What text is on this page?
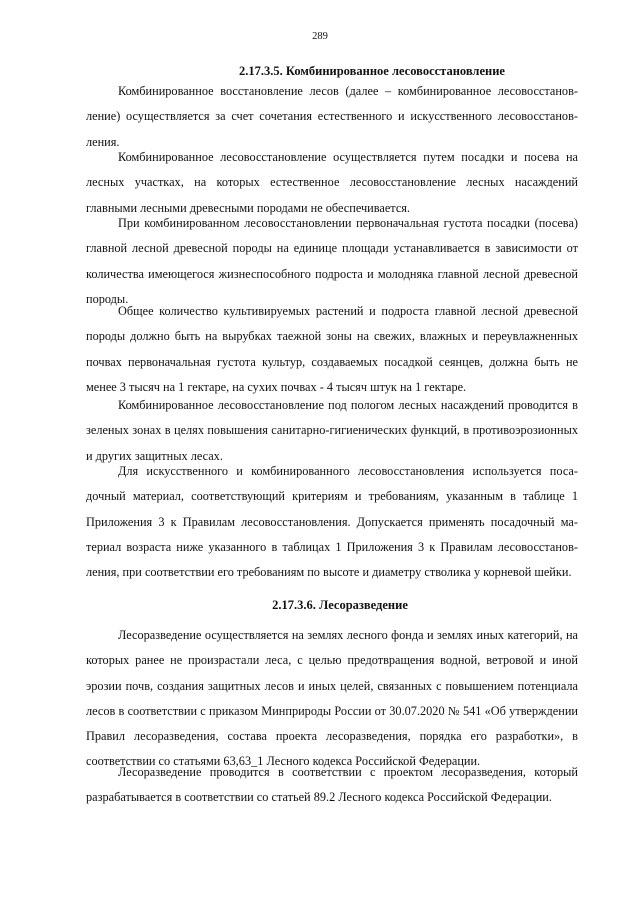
289
2.17.3.5. Комбинированное лесовосстановление

Комбинированное восстановление лесов (далее – комбинированное лесовосстановление) осуществляется за счет сочетания естественного и искусственного лесовосстановления.

Комбинированное лесовосстановление осуществляется путем посадки и посева на лесных участках, на которых естественное лесовосстановление лесных насаждений главными лесными древесными породами не обеспечивается.

При комбинированном лесовосстановлении первоначальная густота посадки (посева) главной лесной древесной породы на единице площади устанавливается в зависимости от количества имеющегося жизнеспособного подроста и молодняка главной лесной древесной породы.

Общее количество культивируемых растений и подроста главной лесной древесной породы должно быть на вырубках таежной зоны на свежих, влажных и переувлажненных почвах первоначальная густота культур, создаваемых посадкой сеянцев, должна быть не менее 3 тысяч на 1 гектаре, на сухих почвах - 4 тысяч штук на 1 гектаре.

Комбинированное лесовосстановление под пологом лесных насаждений проводится в зеленых зонах в целях повышения санитарно-гигиенических функций, в противоэрозионных и других защитных лесах.

Для искусственного и комбинированного лесовосстановления используется посадочный материал, соответствующий критериям и требованиям, указанным в таблице 1 Приложения 3 к Правилам лесовосстановления. Допускается применять посадочный материал возраста ниже указанного в таблицах 1 Приложения 3 к Правилам лесовосстановления, при соответствии его требованиям по высоте и диаметру стволика у корневой шейки.

2.17.3.6. Лесоразведение

Лесоразведение осуществляется на землях лесного фонда и землях иных категорий, на которых ранее не произрастали леса, с целью предотвращения водной, ветровой и иной эрозии почв, создания защитных лесов и иных целей, связанных с повышением потенциала лесов в соответствии с приказом Минприроды России от 30.07.2020 № 541 «Об утверждении Правил лесоразведения, состава проекта лесоразведения, порядка его разработки», в соответствии со статьями 63,63_1 Лесного кодекса Российской Федерации.

Лесоразведение проводится в соответствии с проектом лесоразведения, который разрабатывается в соответствии со статьей 89.2 Лесного кодекса Российской Федерации.
